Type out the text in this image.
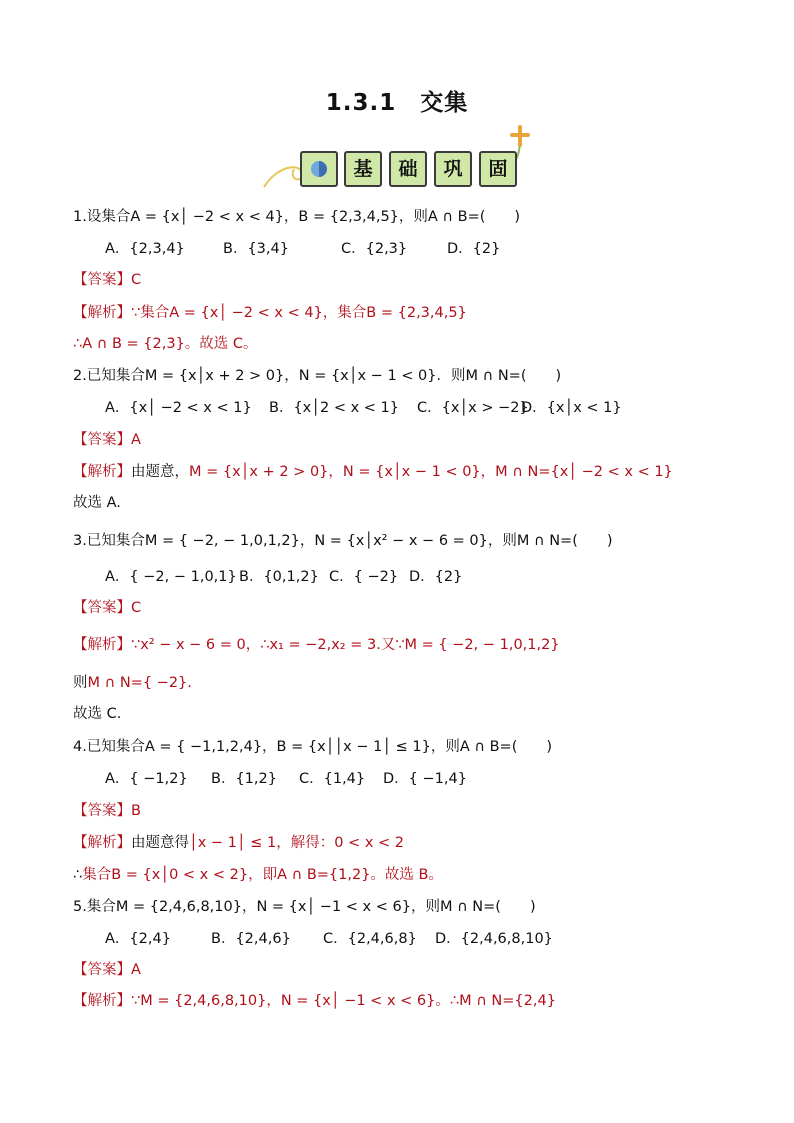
1.3.1　交集
基	础	巩	固
1.设集合A = {x│ −2 < x < 4}，B = {2,3,4,5}，则A ∩ B=(　　)
A．{2,3,4}	B．{3,4}	C．{2,3}	D．{2}
【答案】C
【解析】∵集合A = {x│ −2 < x < 4}，集合B = {2,3,4,5}
∴A ∩ B = {2,3}。故选 C。
2.已知集合M = {x│x + 2 > 0}，N = {x│x − 1 < 0}．则M ∩ N=(　　)
A．{x│ −2 < x < 1} B．{x│2 < x < 1} C．{x│x > −2}D．{x│x < 1}
【答案】A
【解析】由题意，M = {x│x + 2 > 0}，N = {x│x − 1 < 0}，M ∩ N={x│ −2 < x < 1}
故选 A.
3.已知集合M = { −2, − 1,0,1,2}，N = {x│x² − x − 6 = 0}，则M ∩ N=(　　)
A．{ −2, − 1,0,1} B．{0,1,2} C．{ −2} D．{2}
【答案】C
【解析】∵x² − x − 6 = 0，∴x₁ = −2,x₂ = 3.又∵M = { −2, − 1,0,1,2}
则M ∩ N={ −2}.
故选 C.
4.已知集合A = { −1,1,2,4}，B = {x││x − 1│ ≤ 1}，则A ∩ B=(　　)
A．{ −1,2} B．{1,2} C．{1,4} D．{ −1,4}
【答案】B
【解析】由题意得│x − 1│ ≤ 1，解得：0 < x < 2
∴集合B = {x│0 < x < 2}，即A ∩ B={1,2}。故选 B。
5.集合M = {2,4,6,8,10}，N = {x│ −1 < x < 6}，则M ∩ N=(　　)
A．{2,4}	B．{2,4,6} C．{2,4,6,8} D．{2,4,6,8,10}
【答案】A
【解析】∵M = {2,4,6,8,10}，N = {x│ −1 < x < 6}。∴M ∩ N={2,4}
